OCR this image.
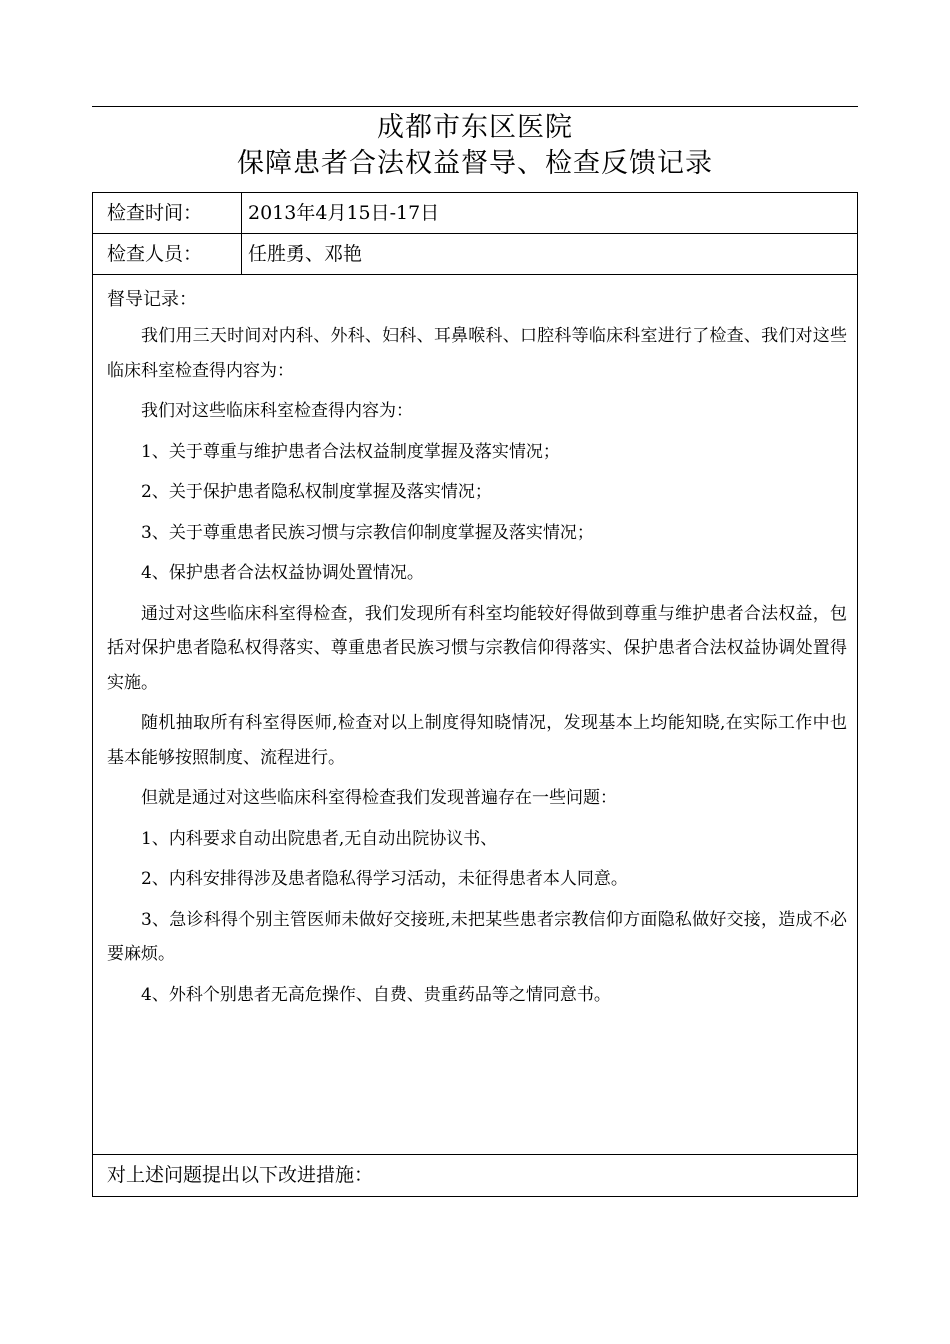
成都市东区医院
保障患者合法权益督导、检查反馈记录
检查时间：	2013年4月15日-17日
检查人员：	任胜勇、邓艳
督导记录：

我们用三天时间对内科、外科、妇科、耳鼻喉科、口腔科等临床科室进行了检查、我们对这些临床科室检查得内容为：

我们对这些临床科室检查得内容为：

1、关于尊重与维护患者合法权益制度掌握及落实情况；

2、关于保护患者隐私权制度掌握及落实情况；

3、关于尊重患者民族习惯与宗教信仰制度掌握及落实情况；

4、保护患者合法权益协调处置情况。

通过对这些临床科室得检查，我们发现所有科室均能较好得做到尊重与维护患者合法权益，包括对保护患者隐私权得落实、尊重患者民族习惯与宗教信仰得落实、保护患者合法权益协调处置得实施。

随机抽取所有科室得医师,检查对以上制度得知晓情况，发现基本上均能知晓,在实际工作中也基本能够按照制度、流程进行。

但就是通过对这些临床科室得检查我们发现普遍存在一些问题：

1、内科要求自动出院患者,无自动出院协议书、

2、内科安排得涉及患者隐私得学习活动，未征得患者本人同意。

3、急诊科得个别主管医师未做好交接班,未把某些患者宗教信仰方面隐私做好交接，造成不必要麻烦。

4、外科个别患者无高危操作、自费、贵重药品等之情同意书。

对上述问题提出以下改进措施：
